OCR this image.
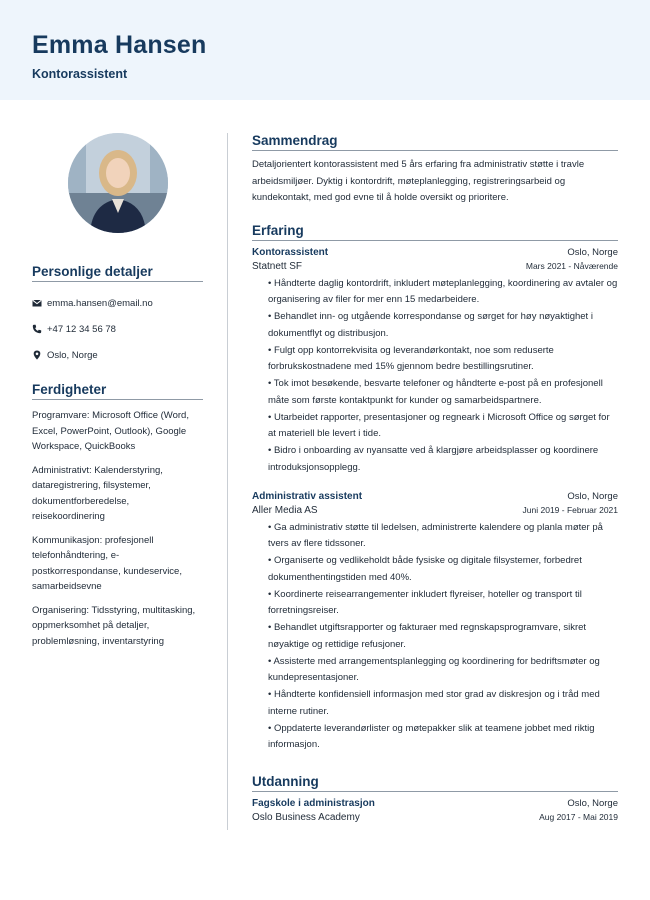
Emma Hansen
Kontorassistent
Personlige detaljer
emma.hansen@email.no
+47 12 34 56 78
Oslo, Norge
Ferdigheter

Programvare: Microsoft Office (Word, Excel, PowerPoint, Outlook), Google Workspace, QuickBooks

Administrativt: Kalenderstyring, dataregistrering, filsystemer, dokumentforberedelse, reisekoordinering

Kommunikasjon: profesjonell telefonhåndtering, e-postkorrespondanse, kundeservice, samarbeidsevne

Organisering: Tidsstyring, multitasking, oppmerksomhet på detaljer, problemløsning, inventarstyring

Sammendrag

Detaljorientert kontorassistent med 5 års erfaring fra administrativ støtte i travle arbeidsmiljøer. Dyktig i kontordrift, møteplanlegging, registreringsarbeid og kundekontakt, med god evne til å holde oversikt og prioritere.

Erfaring
Kontorassistent	Oslo, Norge
Statnett SF	Mars 2021 - Nåværende
• Håndterte daglig kontordrift, inkludert møteplanlegging, koordinering av avtaler og organisering av filer for mer enn 15 medarbeidere.
• Behandlet inn- og utgående korrespondanse og sørget for høy nøyaktighet i dokumentflyt og distribusjon.
• Fulgt opp kontorrekvisita og leverandørkontakt, noe som reduserte forbrukskostnadene med 15% gjennom bedre bestillingsrutiner.
• Tok imot besøkende, besvarte telefoner og håndterte e-post på en profesjonell måte som første kontaktpunkt for kunder og samarbeidspartnere.
• Utarbeidet rapporter, presentasjoner og regneark i Microsoft Office og sørget for at materiell ble levert i tide.
• Bidro i onboarding av nyansatte ved å klargjøre arbeidsplasser og koordinere introduksjonsopplegg.
Administrativ assistent	Oslo, Norge
Aller Media AS	Juni 2019 - Februar 2021
• Ga administrativ støtte til ledelsen, administrerte kalendere og planla møter på tvers av flere tidssoner.
• Organiserte og vedlikeholdt både fysiske og digitale filsystemer, forbedret dokumenthentingstiden med 40%.
• Koordinerte reisearrangementer inkludert flyreiser, hoteller og transport til forretningsreiser.
• Behandlet utgiftsrapporter og fakturaer med regnskapsprogramvare, sikret nøyaktige og rettidige refusjoner.
• Assisterte med arrangementsplanlegging og koordinering for bedriftsmøter og kundepresentasjoner.
• Håndterte konfidensiell informasjon med stor grad av diskresjon og i tråd med interne rutiner.
• Oppdaterte leverandørlister og møtepakker slik at teamene jobbet med riktig informasjon.
Utdanning
Fagskole i administrasjon	Oslo, Norge
Oslo Business Academy	Aug 2017 - Mai 2019
